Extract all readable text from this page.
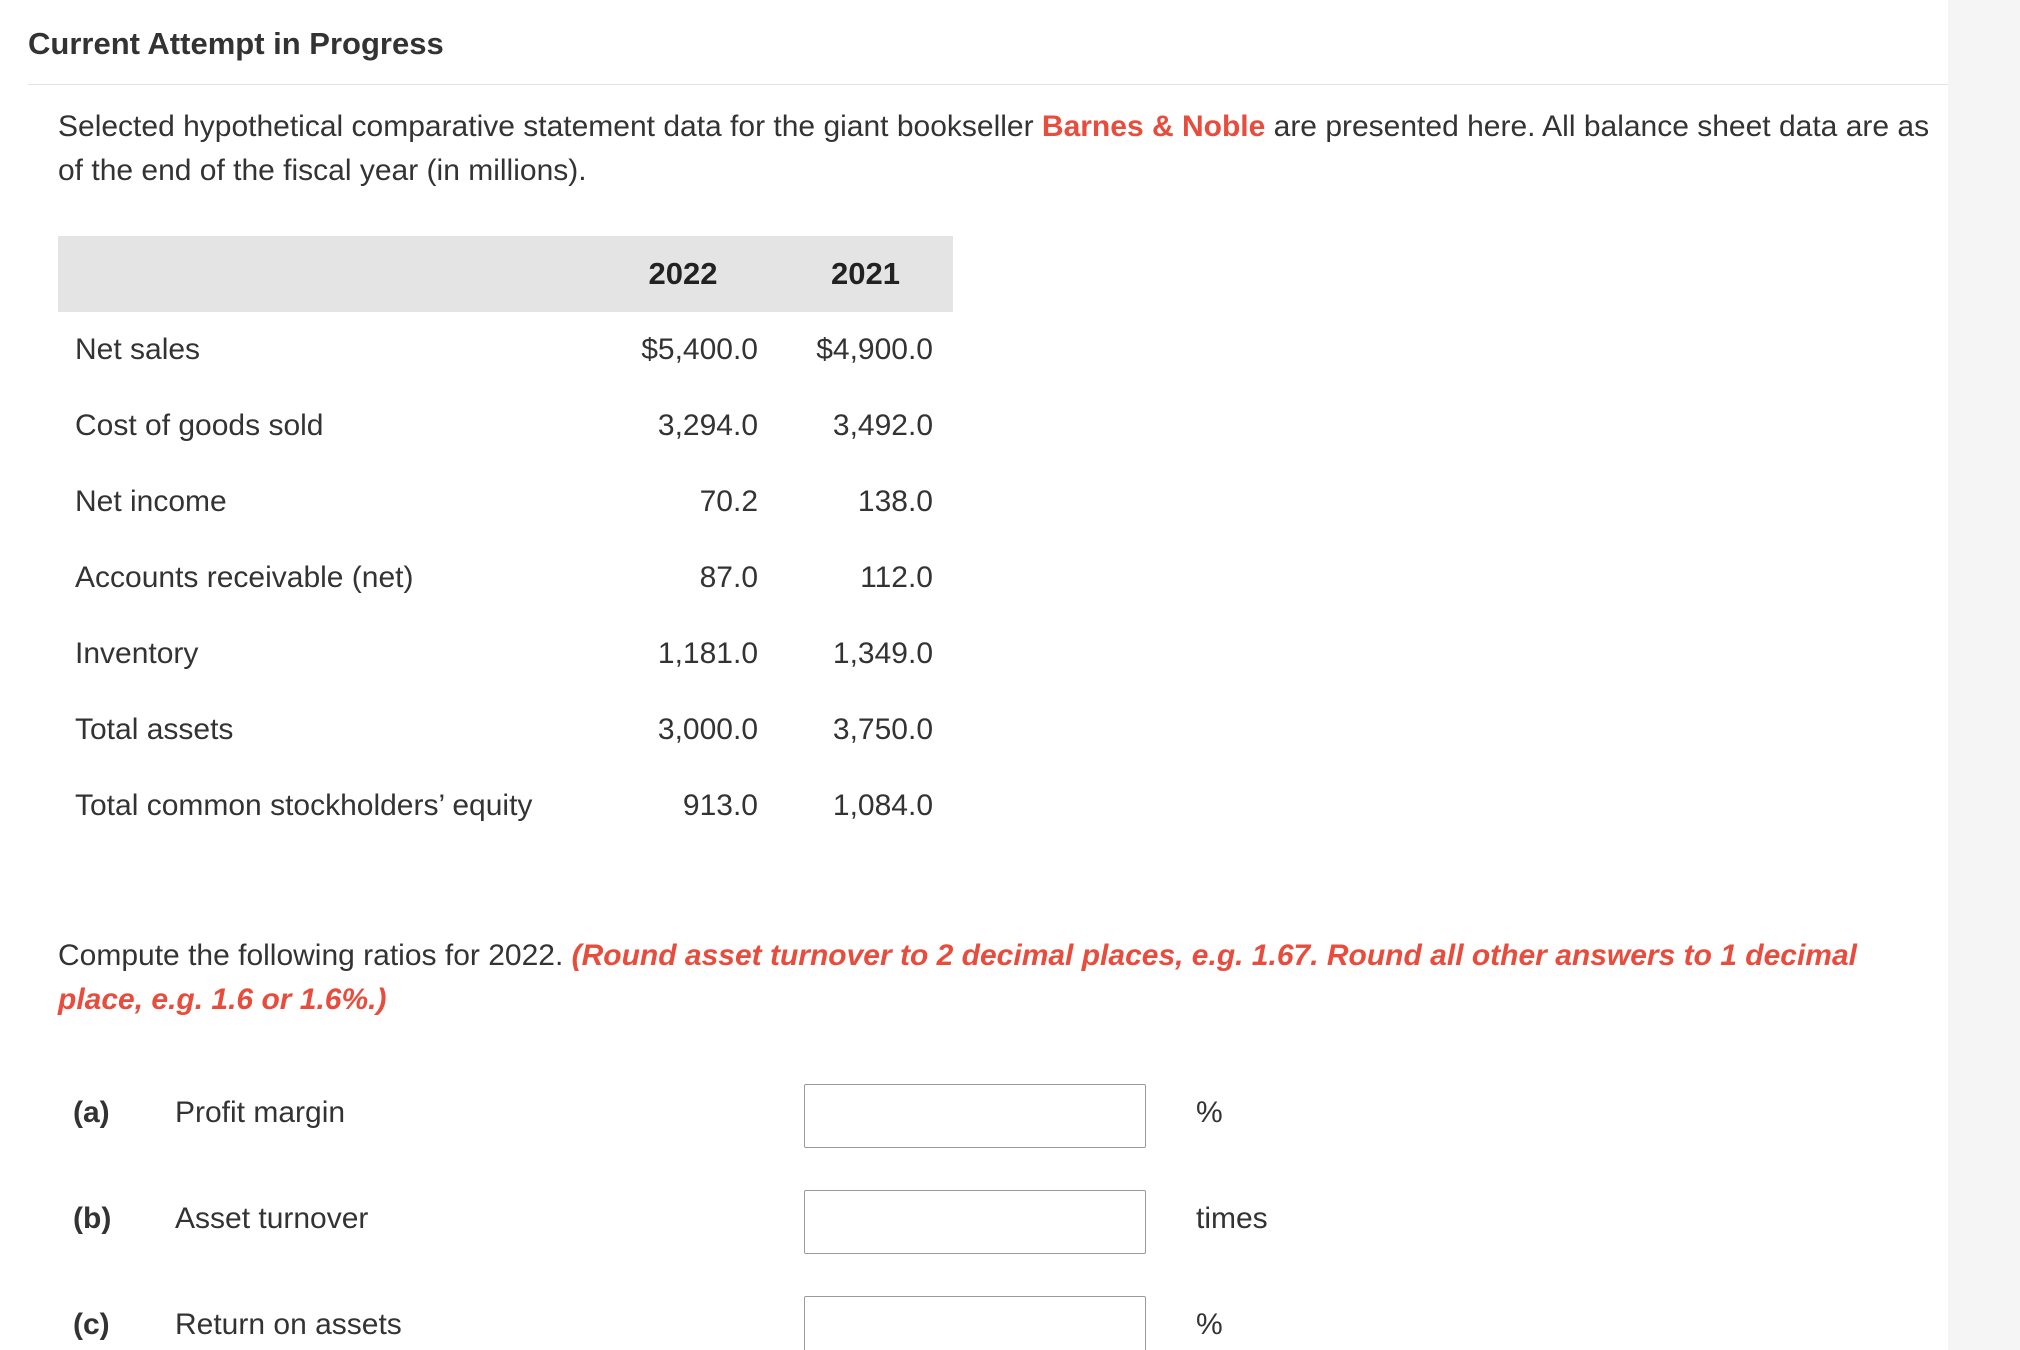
Current Attempt in Progress
Selected hypothetical comparative statement data for the giant bookseller Barnes & Noble are presented here. All balance sheet data are as of the end of the fiscal year (in millions).
	2022	2021
Net sales	$5,400.0	$4,900.0
Cost of goods sold	3,294.0	3,492.0
Net income	70.2	138.0
Accounts receivable (net)	87.0	112.0
Inventory	1,181.0	1,349.0
Total assets	3,000.0	3,750.0
Total common stockholders’ equity	913.0	1,084.0
Compute the following ratios for 2022. (Round asset turnover to 2 decimal places, e.g. 1.67. Round all other answers to 1 decimal place, e.g. 1.6 or 1.6%.)
(a) Profit margin	%
(b) Asset turnover	times
(c) Return on assets	%
